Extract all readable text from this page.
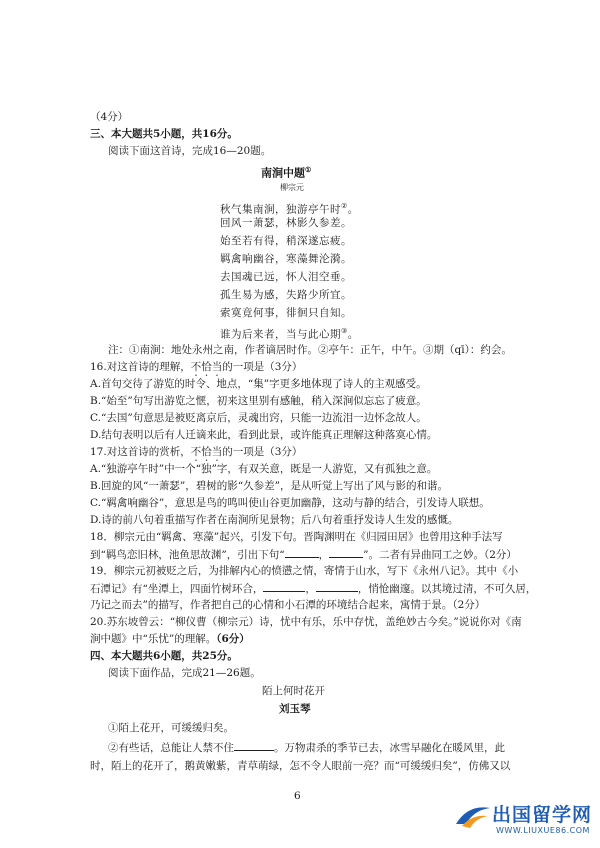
（4分）
三、本大题共5小题，共16分。
阅读下面这首诗，完成16—20题。
南涧中题①
柳宗元
秋气集南涧，独游亭午时②。
回风一萧瑟，林影久参差。
始至若有得，稍深遂忘疲。
羁禽响幽谷，寒藻舞沦漪。
去国魂已远，怀人泪空垂。
孤生易为感，失路少所宜。
索寞竟何事，徘徊只自知。
谁为后来者，当与此心期③。
注：①南涧：地处永州之南，作者谪居时作。②亭午：正午，中午。③期（qī）：约会。
16.对这首诗的理解，不恰当的一项是（3分）
A.首句交待了游览的时令、地点，“集”字更多地体现了诗人的主观感受。
B.“始至”句写出游览之惬，初来这里别有感触，稍入深涧似忘忘了疲意。
C.“去国”句意思是被贬离京后，灵魂出窍，只能一边流泪一边怀念故人。
D.结句表明以后有人迁谪来此，看到此景，或许能真正理解这种落寞心情。
17.对这首诗的赏析，不恰当的一项是（3分）
A.“独游亭午时”中一个“独”字，有双关意，既是一人游览，又有孤独之意。
B.回旋的风“一萧瑟”，碧树的影“久参差”，是从听觉上写出了风与影的和谐。
C.“羁禽响幽谷”，意思是鸟的鸣叫使山谷更加幽静，这动与静的结合，引发诗人联想。
D.诗的前八句着重描写作者在南涧所见景物；后八句着重抒发诗人生发的感慨。
18．柳宗元由“羁禽、寒藻”起兴，引发下句。晋陶渊明在《归园田居》也曾用这种手法写
到“羁鸟恋旧林，池鱼思故渊”，引出下句“	，	”。二者有异曲同工之妙。（2分）
19．柳宗元初被贬之后，为排解内心的愤懑之情，寄情于山水，写下《永州八记》。其中《小
石潭记》有“坐潭上，四面竹树环合，	，	，悄怆幽邃。以其境过清，不可久居，
乃记之而去”的描写，作者把自己的心情和小石潭的环境结合起来，寓情于景。（2分）
20.苏东坡曾云：“柳仪曹（柳宗元）诗，忧中有乐，乐中存忧，盖绝妙古今矣。”说说你对《南
涧中题》中“乐忧”的理解。（6分）
四、本大题共6小题，共25分。
阅读下面作品，完成21—26题。
陌上何时花开
刘玉琴
①陌上花开，可缓缓归矣。
②有些话，总能让人禁不住	。万物肃杀的季节已去，冰雪早融化在暖风里，此
时，陌上的花开了，鹅黄嫩紫，青草萌绿，怎不令人眼前一亮？而“可缓缓归矣”，仿佛又以
6
出国留学网
WWW.LIUXUE86.COM
